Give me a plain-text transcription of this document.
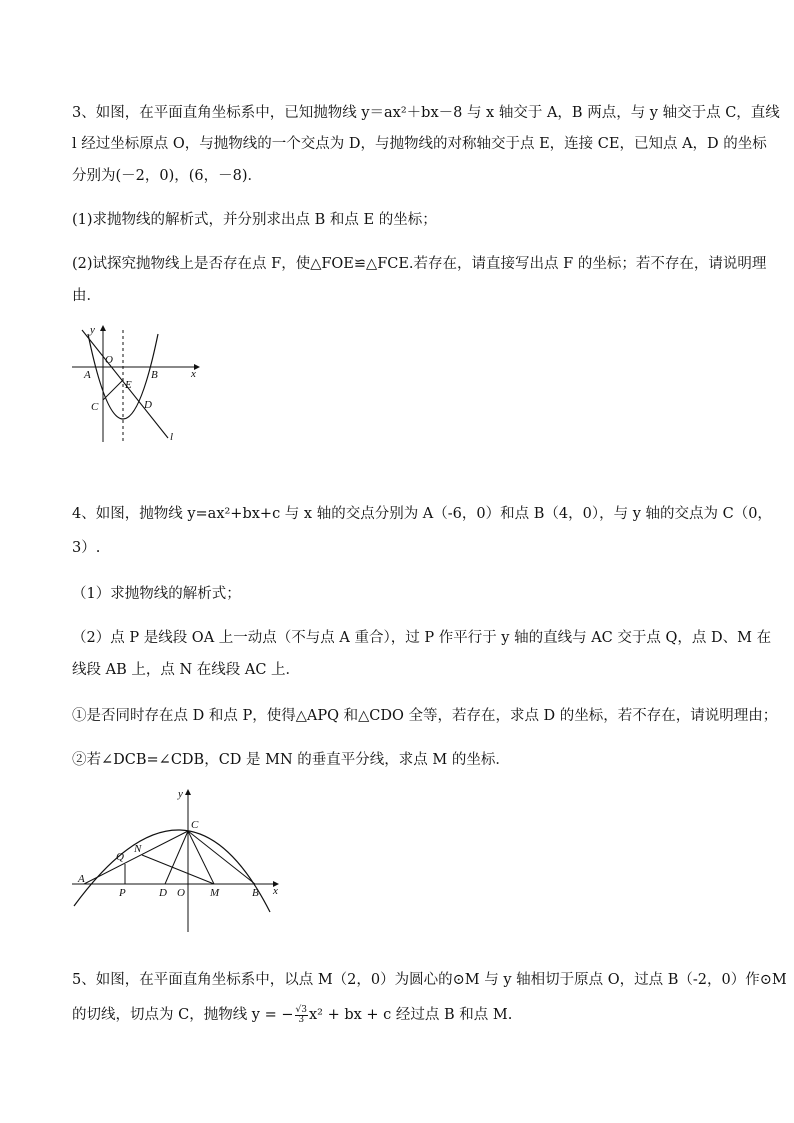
3、如图，在平面直角坐标系中，已知抛物线 y＝ax²＋bx－8 与 x 轴交于 A，B 两点，与 y 轴交于点 C，直线
l 经过坐标原点 O，与抛物线的一个交点为 D，与抛物线的对称轴交于点 E，连接 CE，已知点 A，D 的坐标
分别为(－2，0)，(6，－8)．
(1)求抛物线的解析式，并分别求出点 B 和点 E 的坐标；
(2)试探究抛物线上是否存在点 F，使△FOE≌△FCE.若存在，请直接写出点 F 的坐标；若不存在，请说明理
由．
y
x
O
A	B
E
C	D
l
4、如图，抛物线 y=ax²+bx+c 与 x 轴的交点分别为 A（-6，0）和点 B（4，0），与 y 轴的交点为 C（0，
3）.
（1）求抛物线的解析式；
（2）点 P 是线段 OA 上一动点（不与点 A 重合），过 P 作平行于 y 轴的直线与 AC 交于点 Q，点 D、M 在
线段 AB 上，点 N 在线段 AC 上．
①是否同时存在点 D 和点 P，使得△APQ 和△CDO 全等，若存在，求点 D 的坐标，若不存在，请说明理由；
②若∠DCB=∠CDB，CD 是 MN 的垂直平分线，求点 M 的坐标．
y
x
C
Q
N
A
P	D O M	B
5、如图，在平面直角坐标系中，以点 M（2，0）为圆心的⊙M 与 y 轴相切于原点 O，过点 B（-2，0）作⊙M
的切线，切点为 C，抛物线 y = − $\frac{√3}{3} x^2$ + bx + c 经过点 B 和点 M.
